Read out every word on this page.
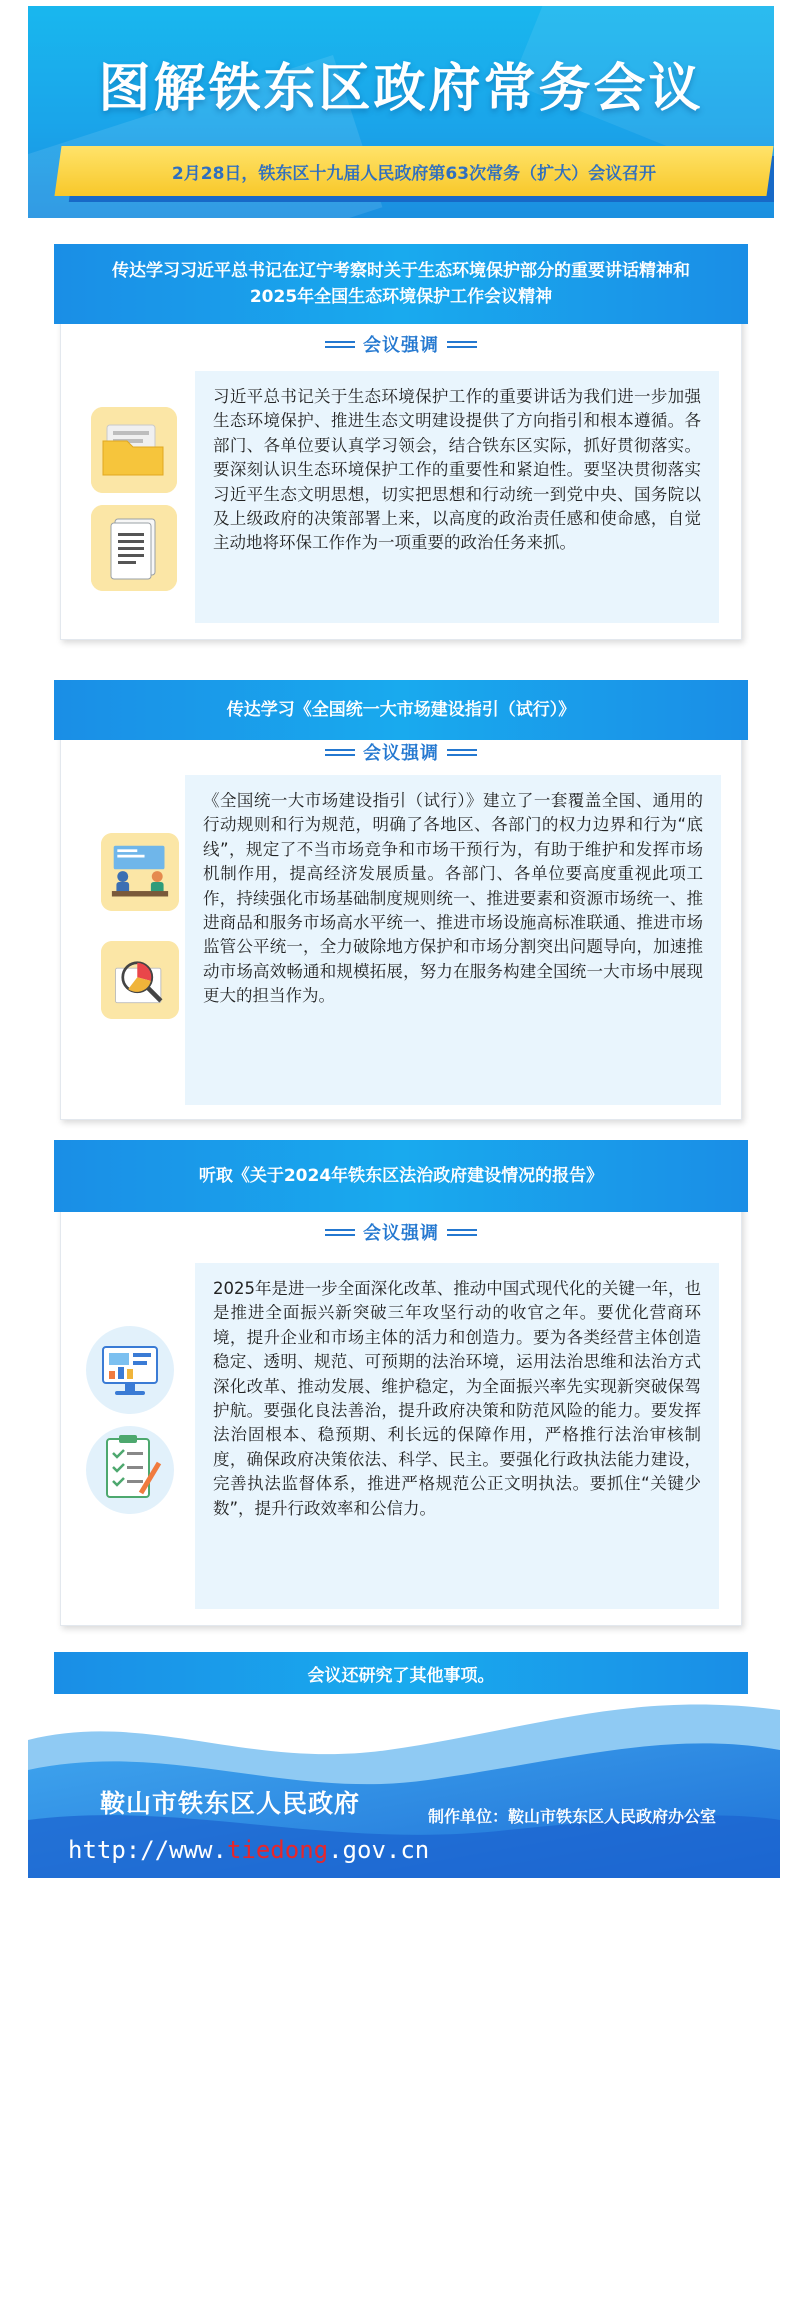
图解铁东区政府常务会议
2月28日，铁东区十九届人民政府第63次常务（扩大）会议召开
会议强调
习近平总书记关于生态环境保护工作的重要讲话为我们进一步加强生态环境保护、推进生态文明建设提供了方向指引和根本遵循。各部门、各单位要认真学习领会，结合铁东区实际，抓好贯彻落实。要深刻认识生态环境保护工作的重要性和紧迫性。要坚决贯彻落实习近平生态文明思想，切实把思想和行动统一到党中央、国务院以及上级政府的决策部署上来，以高度的政治责任感和使命感，自觉主动地将环保工作作为一项重要的政治任务来抓。
传达学习习近平总书记在辽宁考察时关于生态环境保护部分的重要讲话精神和2025年全国生态环境保护工作会议精神
会议强调
《全国统一大市场建设指引（试行）》建立了一套覆盖全国、通用的行动规则和行为规范，明确了各地区、各部门的权力边界和行为“底线”，规定了不当市场竞争和市场干预行为，有助于维护和发挥市场机制作用，提高经济发展质量。各部门、各单位要高度重视此项工作，持续强化市场基础制度规则统一、推进要素和资源市场统一、推进商品和服务市场高水平统一、推进市场设施高标准联通、推进市场监管公平统一，全力破除地方保护和市场分割突出问题导向，加速推动市场高效畅通和规模拓展，努力在服务构建全国统一大市场中展现更大的担当作为。
传达学习《全国统一大市场建设指引（试行）》
会议强调
2025年是进一步全面深化改革、推动中国式现代化的关键一年，也是推进全面振兴新突破三年攻坚行动的收官之年。要优化营商环境，提升企业和市场主体的活力和创造力。要为各类经营主体创造稳定、透明、规范、可预期的法治环境，运用法治思维和法治方式深化改革、推动发展、维护稳定，为全面振兴率先实现新突破保驾护航。要强化良法善治，提升政府决策和防范风险的能力。要发挥法治固根本、稳预期、利长远的保障作用，严格推行法治审核制度，确保政府决策依法、科学、民主。要强化行政执法能力建设，完善执法监督体系，推进严格规范公正文明执法。要抓住“关键少数”，提升行政效率和公信力。
听取《关于2024年铁东区法治政府建设情况的报告》
会议还研究了其他事项。
鞍山市铁东区人民政府	制作单位：鞍山市铁东区人民政府办公室
http://www.tiedong.gov.cn
